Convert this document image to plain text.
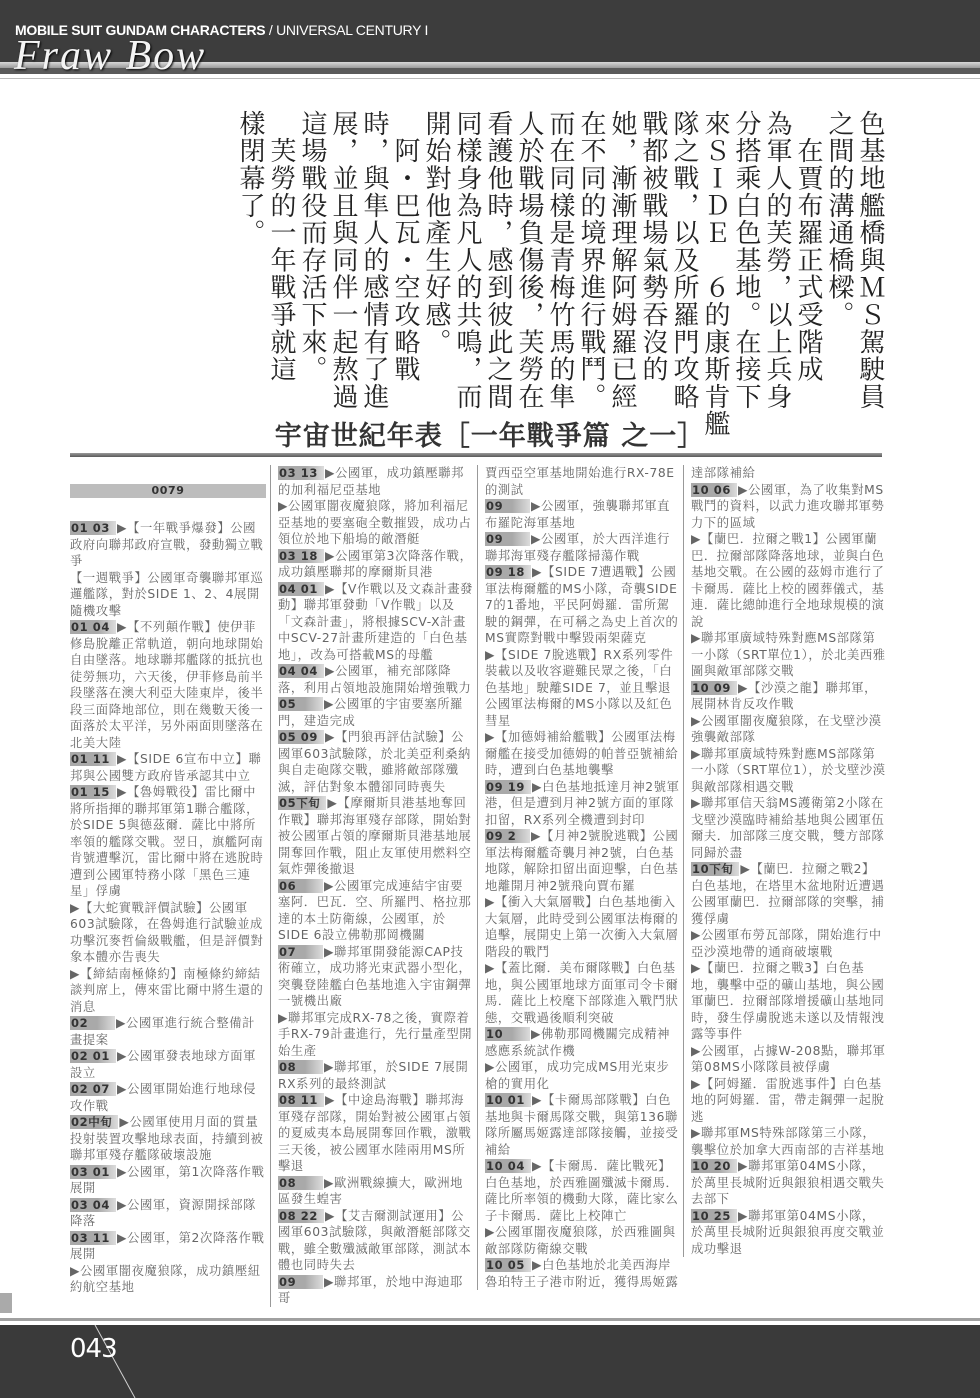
MOBILE SUIT GUNDAM CHARACTERS / UNIVERSAL CENTURY I
Fraw Bow
色基地艦橋與ＭＳ駕駛員
之間的溝通橋樑。
　在賈布羅正式受階成
為軍人的芙勞，以上兵身
分搭乘白色基地。在接下
來ＳＩＤＥ　６的康斯肯艦
隊之戰，以及所羅門攻略
戰都被戰場氣勢吞沒的
她，漸漸理解阿姆羅已經
在不同的境界進行戰鬥。
而在同樣是青梅竹馬的隼
人於戰場負傷後，芙勞在
看護他時，感到彼此之間
同樣身為凡人的共鳴，而
開始對他產生好感。
　阿・巴瓦・空攻略戰
時，與隼人的感情有了進
展，並且與同伴一起熬過
這場戰役而存活下來。
　芙勞的一年戰爭就這
樣閉幕了。
宇宙世紀年表［一年戰爭篇 之一］
0079
01 03 ▶【一年戰爭爆發】公國政府向聯邦政府宣戰，發動獨立戰爭
【一週戰爭】公國軍奇襲聯邦軍巡邏艦隊，對於SIDE 1、2、4展開隨機攻擊
01 04 ▶【不列顛作戰】使伊菲修島脫離正常軌道，朝向地球開始自由墜落。地球聯邦艦隊的抵抗也徒勞無功，六天後，伊菲修島前半段墜落在澳大利亞大陸東岸，後半段三面降地部位，則在幾數天後一面落於太平洋，另外兩面則墜落在北美大陸
01 11 ▶【SIDE 6宣布中立】聯邦與公國雙方政府皆承認其中立
01 15 ▶【魯姆戰役】雷比爾中將所指揮的聯邦軍第1聯合艦隊，於SIDE 5與德茲爾．薩比中將所率領的艦隊交戰。翌日，旗艦阿南肯號遭擊沉，雷比爾中將在逃脫時遭到公國軍特務小隊「黑色三連星」俘虜
▶【大蛇實戰評價試驗】公國軍603試驗隊，在魯姆進行試驗並成功擊沉麥哲倫級戰艦，但是評價對象本體亦告喪失
▶【締結南極條約】南極條約締結談判席上，傳來雷比爾中將生還的消息
02 ▶公國軍進行統合整備計畫提案
02 01 ▶公國軍發表地球方面軍設立
02 07 ▶公國軍開始進行地球侵攻作戰
02中旬 ▶公國軍使用月面的質量投射裝置攻擊地球表面，持續到被聯邦軍殘存艦隊破壞設施
03 01 ▶公國軍，第1次降落作戰展開
03 04 ▶公國軍，資源開採部隊降落
03 11 ▶公國軍，第2次降落作戰展開
▶公國軍闇夜魔狼隊，成功鎮壓紐約航空基地
03 13 ▶公國軍，成功鎮壓聯邦的加利福尼亞基地
▶公國軍闇夜魔狼隊，將加利福尼亞基地的要塞砲全數摧毀，成功占領位於地下船塢的敵潛艇
03 18 ▶公國軍第3次降落作戰，成功鎮壓聯邦的摩爾斯貝港
04 01 ▶【V作戰以及文森計畫發動】聯邦軍發動「V作戰」以及「文森計畫」，將根據SCV-X計畫中SCV-27計畫所建造的「白色基地」，改為可搭載MS的母艦
04 04 ▶公國軍，補充部隊降落，利用占領地設施開始增強戰力
05 ▶公國軍的宇宙要塞所羅門，建造完成
05 09 ▶【門狼再評估試驗】公國軍603試驗隊，於北美亞利桑納與自走砲隊交戰，雖將敵部隊殲滅，評估對象本體卻同時喪失
05下旬 ▶【摩爾斯貝港基地奪回作戰】聯邦海軍殘存部隊，開始對被公國軍占領的摩爾斯貝港基地展開奪回作戰，阻止友軍使用燃料空氣炸彈後撤退
06 ▶公國軍完成連結宇宙要塞阿．巴瓦．空、所羅門、格拉那達的本土防衛線，公國軍，於SIDE 6設立佛勒那岡機關
07 ▶聯邦軍開發能源CAP技術確立，成功將光束武器小型化，突襲登陸艦白色基地進入宇宙鋼彈一號機出廠
▶聯邦軍完成RX-78之後，實際着手RX-79計畫進行，先行量產型開始生產
08 ▶聯邦軍，於SIDE 7展開RX系列的最終測試
08 11 ▶【中途島海戰】聯邦海軍殘存部隊，開始對被公國軍占領的夏威夷本島展開奪回作戰，激戰三天後，被公國軍水陸兩用MS所擊退
08 ▶歐洲戰線擴大，歐洲地區發生蝗害
08 22 ▶【艾吉爾測試運用】公國軍603試驗隊，與敵潛艇部隊交戰，雖全數殲滅敵軍部隊，測試本體也同時失去
09 ▶聯邦軍，於地中海迪耶哥
賈西亞空軍基地開始進行RX-78E的測試
09 ▶公國軍，強襲聯邦軍直布羅陀海軍基地
09 ▶公國軍，於大西洋進行聯邦海軍殘存艦隊掃蕩作戰
09 18 ▶【SIDE 7遭遇戰】公國軍法梅爾艦的MS小隊，奇襲SIDE 7的1番地，平民阿姆羅．雷所駕駛的鋼彈，在可稱之為史上首次的MS實際對戰中擊毀兩架薩克
▶【SIDE 7脫逃戰】RX系列零件裝載以及收容避難民眾之後，「白色基地」駛離SIDE 7，並且擊退公國軍法梅爾的MS小隊以及紅色彗星
▶【加德姆補給艦戰】公國軍法梅爾艦在接受加德姆的帕普亞號補給時，遭到白色基地襲擊
09 19 ▶白色基地抵達月神2號軍港，但是遭到月神2號方面的軍隊扣留，RX系列全機遭到封印
09 2 ▶【月神2號脫逃戰】公國軍法梅爾艦奇襲月神2號，白色基地隊，解除扣留出面迎擊，白色基地離開月神2號飛向賈布羅
▶【衝入大氣層戰】白色基地衝入大氣層，此時受到公國軍法梅爾的追擊，展開史上第一次衝入大氣層階段的戰鬥
▶【蓋比爾．美布爾隊戰】白色基地，與公國軍地球方面軍司令卡爾馬．薩比上校麾下部隊進入戰鬥狀態，交戰過後順利突破
10 ▶佛勒那岡機關完成精神感應系統試作機
▶公國軍，成功完成MS用光束步槍的實用化
10 01 ▶【卡爾馬部隊戰】白色基地與卡爾馬隊交戰，與第136聯隊所屬馬姬露達部隊接觸，並接受補給
10 04 ▶【卡爾馬．薩比戰死】白色基地，於西雅圖殲滅卡爾馬．薩比所率領的機動大隊，薩比家么子卡爾馬．薩比上校陣亡
▶公國軍闇夜魔狼隊，於西雅圖與敵部隊防衛線交戰
10 05 ▶白色基地於北美西海岸魯珀特王子港市附近，獲得馬姬露
達部隊補給
10 06 ▶公國軍，為了收集對MS戰鬥的資料，以武力進攻聯邦軍勢力下的區域
▶【蘭巴．拉爾之戰1】公國軍蘭巴．拉爾部隊降落地球，並與白色基地交戰。在公國的茲姆市進行了卡爾馬．薩比上校的國葬儀式，基連．薩比總帥進行全地球規模的演說
▶聯邦軍廣域特殊對應MS部隊第一小隊（SRT單位1），於北美西雅圖與敵軍部隊交戰
10 09 ▶【沙漠之龍】聯邦軍，展開林肯反攻作戰
▶公國軍闇夜魔狼隊，在戈壁沙漠強襲敵部隊
▶聯邦軍廣域特殊對應MS部隊第一小隊（SRT單位1），於戈壁沙漠與敵部隊相遇交戰
▶聯邦軍信天翁MS護衛第2小隊在戈壁沙漠臨時補給基地與公國軍伍爾夫．加部隊三度交戰，雙方部隊同歸於盡
10下旬 ▶【蘭巴．拉爾之戰2】白色基地，在塔里木盆地附近遭遇公國軍蘭巴．拉爾部隊的突擊，捕獲俘虜
▶公國軍布勞瓦部隊，開始進行中亞沙漠地帶的通商破壞戰
▶【蘭巴．拉爾之戰3】白色基地，襲擊中亞的礦山基地，與公國軍蘭巴．拉爾部隊增援礦山基地同時，發生俘虜脫逃未遂以及情報洩露等事件
▶公國軍，占據W-208點，聯邦軍第08MS小隊隊員被俘虜
▶【阿姆羅．雷脫逃事件】白色基地的阿姆羅．雷，帶走鋼彈一起脫逃
▶聯邦軍MS特殊部隊第三小隊，襲擊位於加拿大西南部的吉祥基地
10 20 ▶聯邦軍第04MS小隊，於萬里長城附近與銀狼相遇交戰失去部下
10 25 ▶聯邦軍第04MS小隊，於萬里長城附近與銀狼再度交戰並成功擊退
043
